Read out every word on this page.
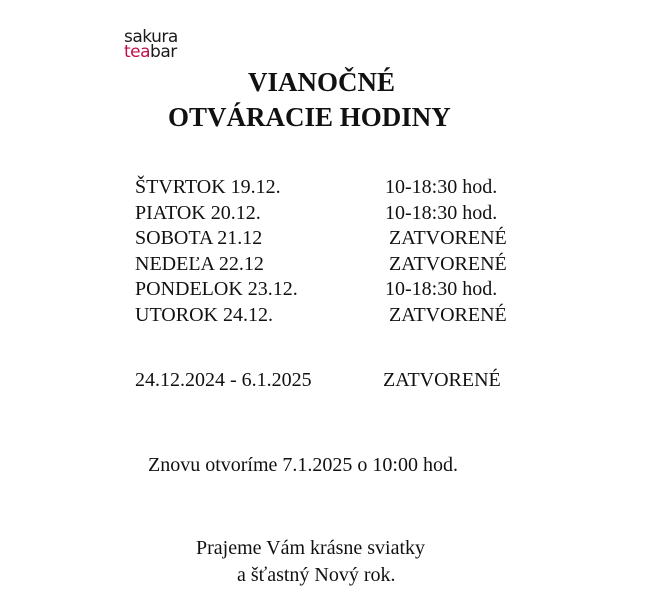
sakura
teabar
VIANOČNÉ
OTVÁRACIE HODINY
ŠTVRTOK 19.12.	10-18:30 hod.
PIATOK 20.12.	10-18:30 hod.
SOBOTA 21.12	ZATVORENÉ
NEDEĽA 22.12	ZATVORENÉ
PONDELOK 23.12.	10-18:30 hod.
UTOROK 24.12.	ZATVORENÉ
24.12.2024 - 6.1.2025	ZATVORENÉ
Znovu otvoríme 7.1.2025 o 10:00 hod.
Prajeme Vám krásne sviatky
a šťastný Nový rok.
